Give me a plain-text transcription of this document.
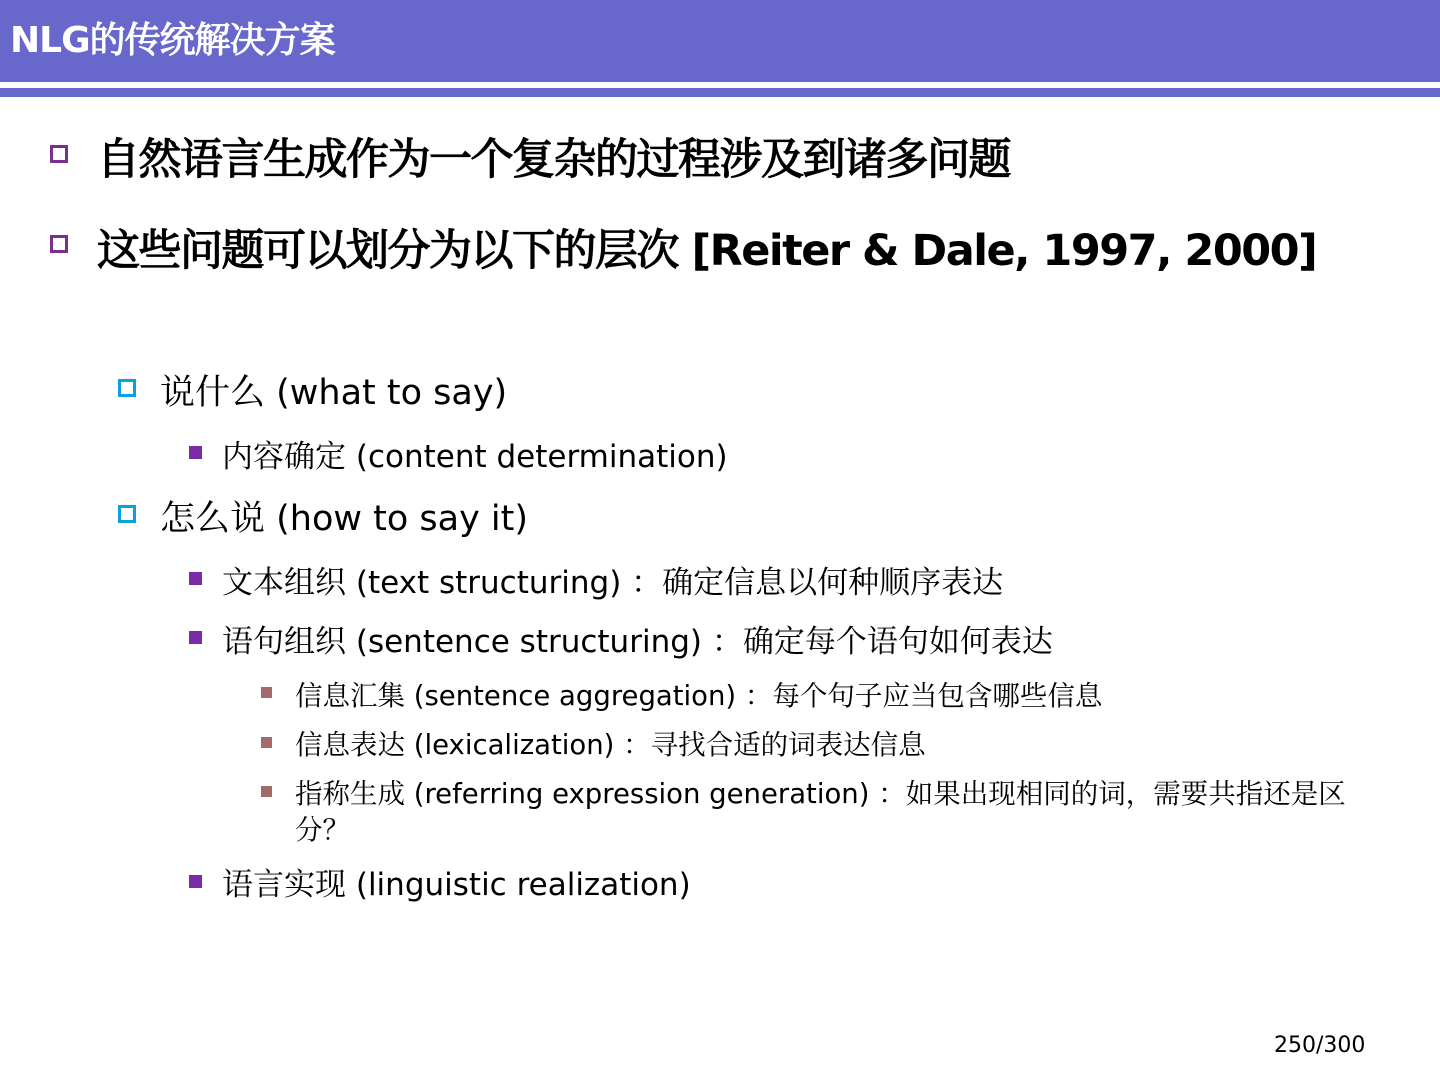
NLG的传统解决方案
自然语言生成作为一个复杂的过程涉及到诸多问题
这些问题可以划分为以下的层次 [Reiter & Dale, 1997, 2000]
说什么 (what to say)
内容确定 (content determination)
怎么说 (how to say it)
文本组织 (text structuring) ：确定信息以何种顺序表达
语句组织 (sentence structuring) ：确定每个语句如何表达
信息汇集 (sentence aggregation) ：每个句子应当包含哪些信息
信息表达 (lexicalization) ：寻找合适的词表达信息
指称生成 (referring expression generation) ：如果出现相同的词，需要共指还是区分？
语言实现 (linguistic realization)
250/300
